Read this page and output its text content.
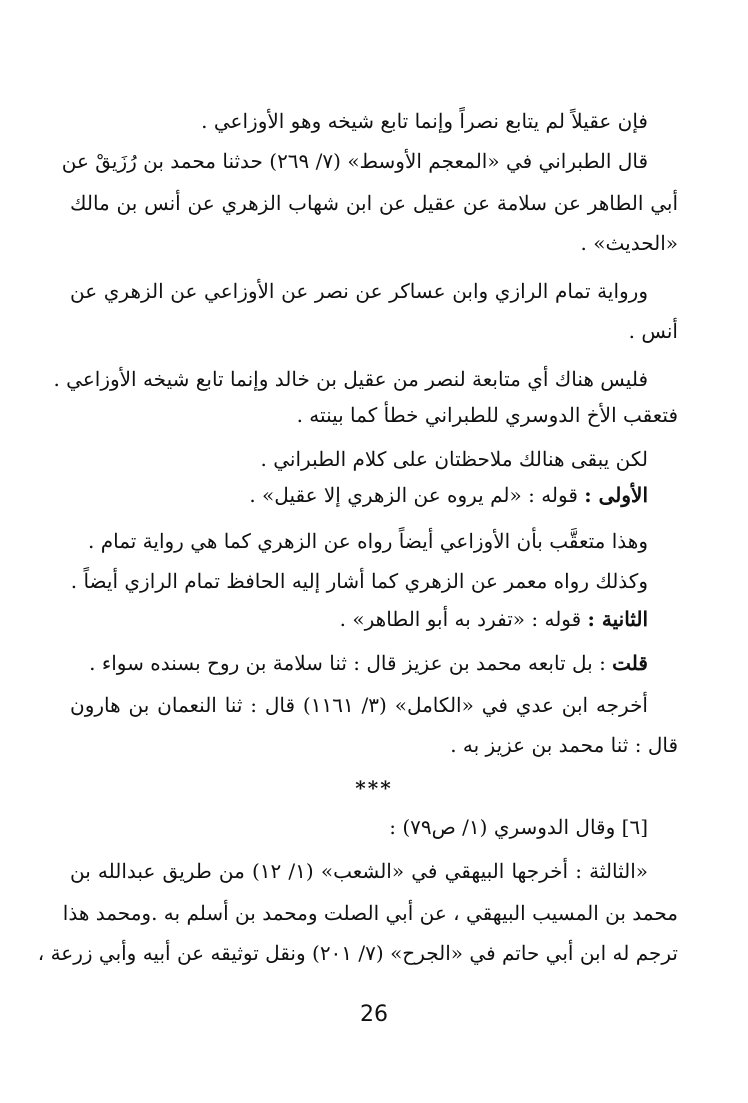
فإن عقيلاً لم يتابع نصراً وإنما تابع شيخه وهو الأوزاعي .
قال الطبراني في «المعجم الأوسط» (٧/ ٢٦٩) حدثنا محمد بن رُزَيقْ عن
أبي الطاهر عن سلامة عن عقيل عن ابن شهاب الزهري عن أنس بن مالك
«الحديث» .
ورواية تمام الرازي وابن عساكر عن نصر عن الأوزاعي عن الزهري عن
أنس .
فليس هناك أي متابعة لنصر من عقيل بن خالد وإنما تابع شيخه الأوزاعي .
فتعقب الأخ الدوسري للطبراني خطأ كما بينته .
لكن يبقى هنالك ملاحظتان على كلام الطبراني .
الأولى : قوله : «لم يروه عن الزهري إلا عقيل» .
وهذا متعقَّب بأن الأوزاعي أيضاً رواه عن الزهري كما هي رواية تمام .
وكذلك رواه معمر عن الزهري كما أشار إليه الحافظ تمام الرازي أيضاً .
الثانية : قوله : «تفرد به أبو الطاهر» .
قلت : بل تابعه محمد بن عزيز قال : ثنا سلامة بن روح بسنده سواء .
أخرجه ابن عدي في «الكامل» (٣/ ١١٦١) قال : ثنا النعمان بن هارون
قال : ثنا محمد بن عزيز به .
***
[٦] وقال الدوسري (١/ ص٧٩) :
«الثالثة : أخرجها البيهقي في «الشعب» (١/ ١٢) من طريق عبدالله بن
محمد بن المسيب البيهقي ، عن أبي الصلت ومحمد بن أسلم به .ومحمد هذا
ترجم له ابن أبي حاتم في «الجرح» (٧/ ٢٠١) ونقل توثيقه عن أبيه وأبي زرعة ،
26
